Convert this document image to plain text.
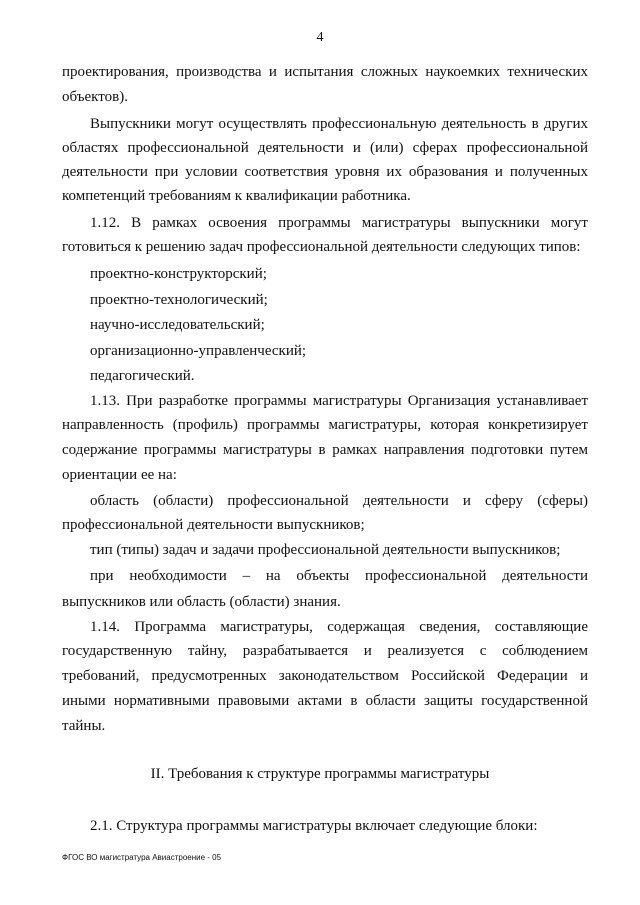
4
проектирования, производства и испытания сложных наукоемких технических
объектов).
Выпускники могут осуществлять профессиональную деятельность в других
областях профессиональной деятельности и (или) сферах профессиональной
деятельности при условии соответствия уровня их образования и полученных
компетенций требованиям к квалификации работника.
1.12. В рамках освоения программы магистратуры выпускники могут
готовиться к решению задач профессиональной деятельности следующих типов:
проектно-конструкторский;
проектно-технологический;
научно-исследовательский;
организационно-управленческий;
педагогический.
1.13. При разработке программы магистратуры Организация устанавливает
направленность (профиль) программы магистратуры, которая конкретизирует
содержание программы магистратуры в рамках направления подготовки путем
ориентации ее на:
область (области) профессиональной деятельности и сферу (сферы)
профессиональной деятельности выпускников;
тип (типы) задач и задачи профессиональной деятельности выпускников;
при необходимости – на объекты профессиональной деятельности
выпускников или область (области) знания.
1.14. Программа магистратуры, содержащая сведения, составляющие
государственную тайну, разрабатывается и реализуется с соблюдением
требований, предусмотренных законодательством Российской Федерации и
иными нормативными правовыми актами в области защиты государственной
тайны.
II. Требования к структуре программы магистратуры
2.1. Структура программы магистратуры включает следующие блоки:
ФГОС ВО магистратура Авиастроение - 05
